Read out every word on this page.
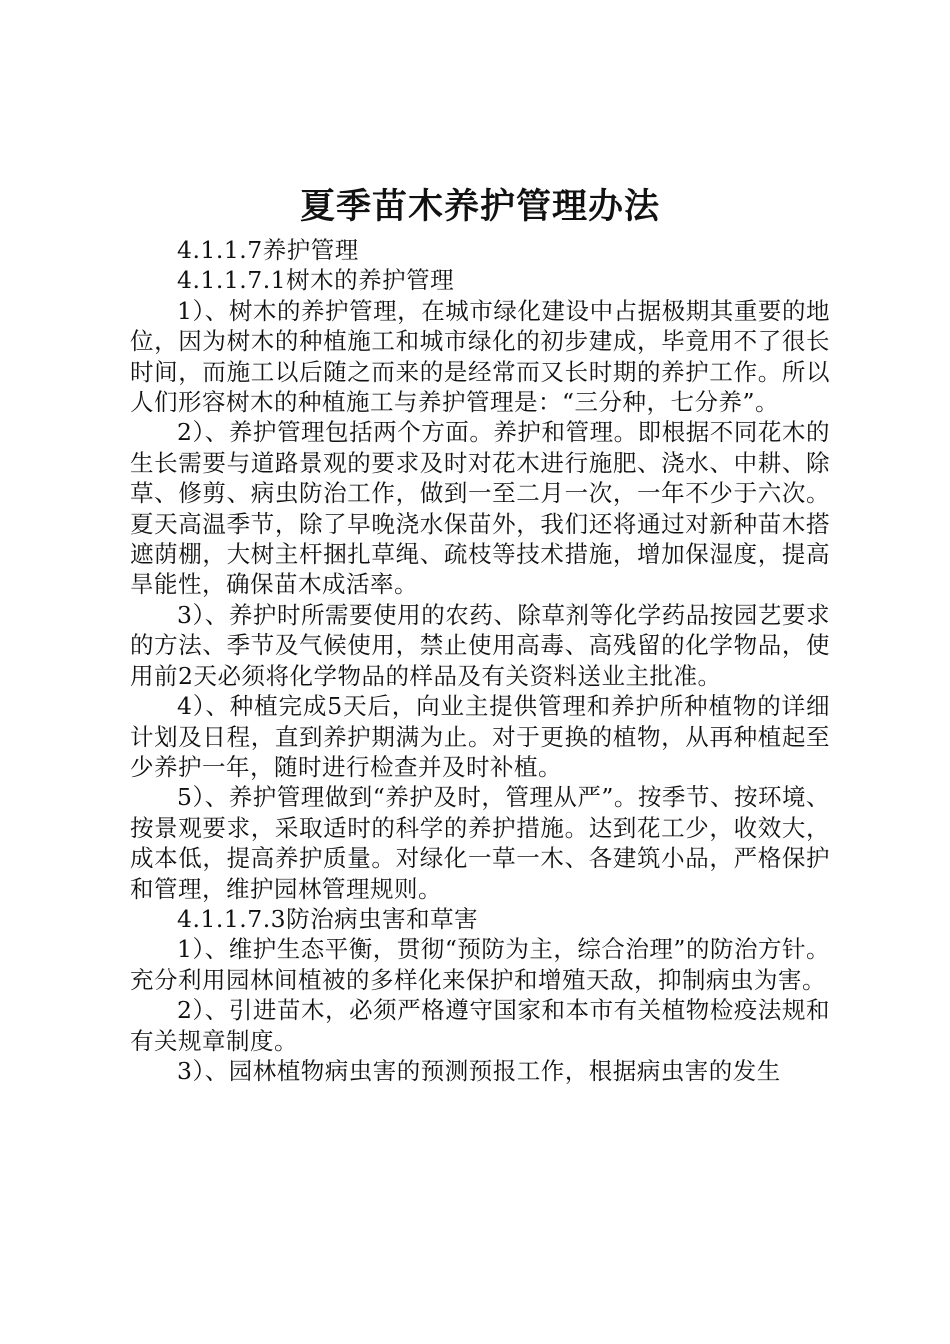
夏季苗木养护管理办法

4.1.1.7养护管理

4.1.1.7.1树木的养护管理

1）、树木的养护管理，在城市绿化建设中占据极期其重要的地位，因为树木的种植施工和城市绿化的初步建成，毕竟用不了很长时间，而施工以后随之而来的是经常而又长时期的养护工作。所以人们形容树木的种植施工与养护管理是：“三分种，七分养”。

2）、养护管理包括两个方面。养护和管理。即根据不同花木的生长需要与道路景观的要求及时对花木进行施肥、浇水、中耕、除草、修剪、病虫防治工作，做到一至二月一次，一年不少于六次。夏天高温季节，除了早晚浇水保苗外，我们还将通过对新种苗木搭遮荫棚，大树主杆捆扎草绳、疏枝等技术措施，增加保湿度，提高旱能性，确保苗木成活率。

3）、养护时所需要使用的农药、除草剂等化学药品按园艺要求的方法、季节及气候使用，禁止使用高毒、高残留的化学物品，使用前2天必须将化学物品的样品及有关资料送业主批准。

4）、种植完成5天后，向业主提供管理和养护所种植物的详细计划及日程，直到养护期满为止。对于更换的植物，从再种植起至少养护一年，随时进行检查并及时补植。

5）、养护管理做到“养护及时，管理从严”。按季节、按环境、按景观要求，采取适时的科学的养护措施。达到花工少，收效大，成本低，提高养护质量。对绿化一草一木、各建筑小品，严格保护和管理，维护园林管理规则。

4.1.1.7.3防治病虫害和草害

1）、维护生态平衡，贯彻“预防为主，综合治理”的防治方针。充分利用园林间植被的多样化来保护和增殖天敌，抑制病虫为害。

2）、引进苗木，必须严格遵守国家和本市有关植物检疫法规和有关规章制度。

3）、园林植物病虫害的预测预报工作，根据病虫害的发生
